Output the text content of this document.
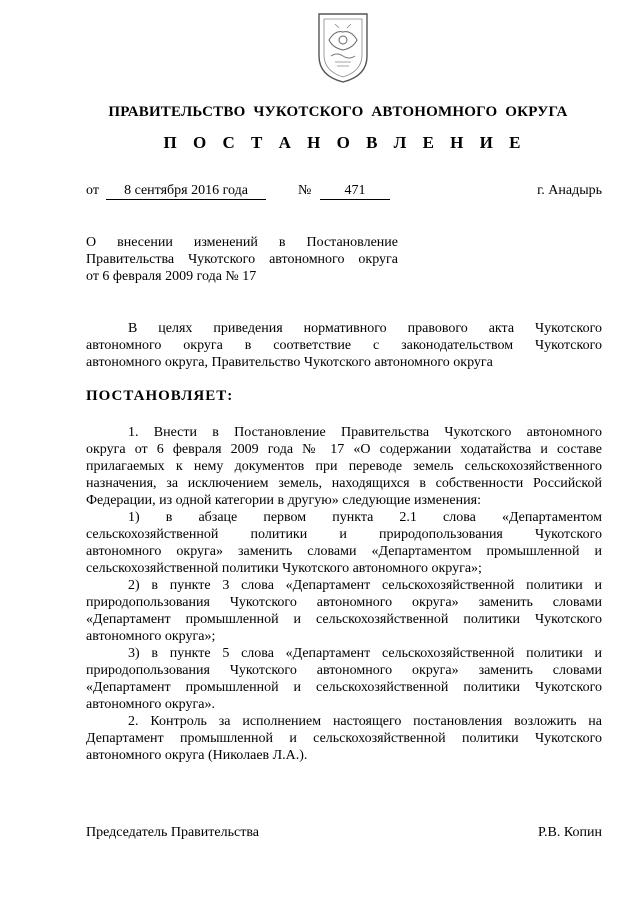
ПРАВИТЕЛЬСТВО ЧУКОТСКОГО АВТОНОМНОГО ОКРУГА
П О С Т А Н О В Л Е Н И Е
от	8 сентября 2016 года	№	471	г. Анадырь
О внесении изменений в Постановление
Правительства Чукотского автономного округа
от 6 февраля 2009 года № 17
В целях приведения нормативного правового акта Чукотского
автономного округа в соответствие с законодательством Чукотского
автономного округа, Правительство Чукотского автономного округа
ПОСТАНОВЛЯЕТ:
1. Внести в Постановление Правительства Чукотского автономного
округа от 6 февраля 2009 года № 17 «О содержании ходатайства и составе
прилагаемых к нему документов при переводе земель сельскохозяйственного
назначения, за исключением земель, находящихся в собственности Российской
Федерации, из одной категории в другую» следующие изменения:
1) в абзаце первом пункта 2.1 слова «Департаментом
сельскохозяйственной политики и природопользования Чукотского
автономного округа» заменить словами «Департаментом промышленной и
сельскохозяйственной политики Чукотского автономного округа»;
2) в пункте 3 слова «Департамент сельскохозяйственной политики и
природопользования Чукотского автономного округа» заменить словами
«Департамент промышленной и сельскохозяйственной политики Чукотского
автономного округа»;
3) в пункте 5 слова «Департамент сельскохозяйственной политики и
природопользования Чукотского автономного округа» заменить словами
«Департамент промышленной и сельскохозяйственной политики Чукотского
автономного округа».
2. Контроль за исполнением настоящего постановления возложить на
Департамент промышленной и сельскохозяйственной политики Чукотского
автономного округа (Николаев Л.А.).
Председатель Правительства	Р.В. Копин
